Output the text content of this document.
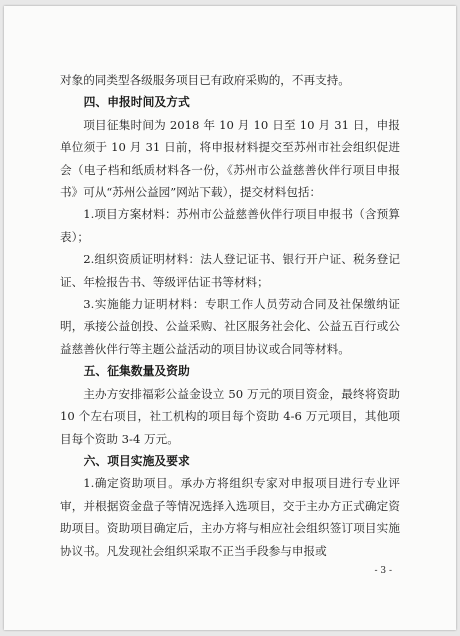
对象的同类型各级服务项目已有政府采购的，不再支持。

四、申报时间及方式

项目征集时间为 2018 年 10 月 10 日至 10 月 31 日，申报单位须于 10 月 31 日前，将申报材料提交至苏州市社会组织促进会（电子档和纸质材料各一份，《苏州市公益慈善伙伴行项目申报书》可从“苏州公益园”网站下载），提交材料包括：

1.项目方案材料：苏州市公益慈善伙伴行项目申报书（含预算表）；

2.组织资质证明材料：法人登记证书、银行开户证、税务登记证、年检报告书、等级评估证书等材料；

3.实施能力证明材料：专职工作人员劳动合同及社保缴纳证明，承接公益创投、公益采购、社区服务社会化、公益五百行或公益慈善伙伴行等主题公益活动的项目协议或合同等材料。

五、征集数量及资助

主办方安排福彩公益金设立 50 万元的项目资金，最终将资助 10 个左右项目，社工机构的项目每个资助 4-6 万元项目，其他项目每个资助 3-4 万元。

六、项目实施及要求

1.确定资助项目。承办方将组织专家对申报项目进行专业评审，并根据资金盘子等情况选择入选项目，交于主办方正式确定资助项目。资助项目确定后，主办方将与相应社会组织签订项目实施协议书。凡发现社会组织采取不正当手段参与申报或

- 3 -
